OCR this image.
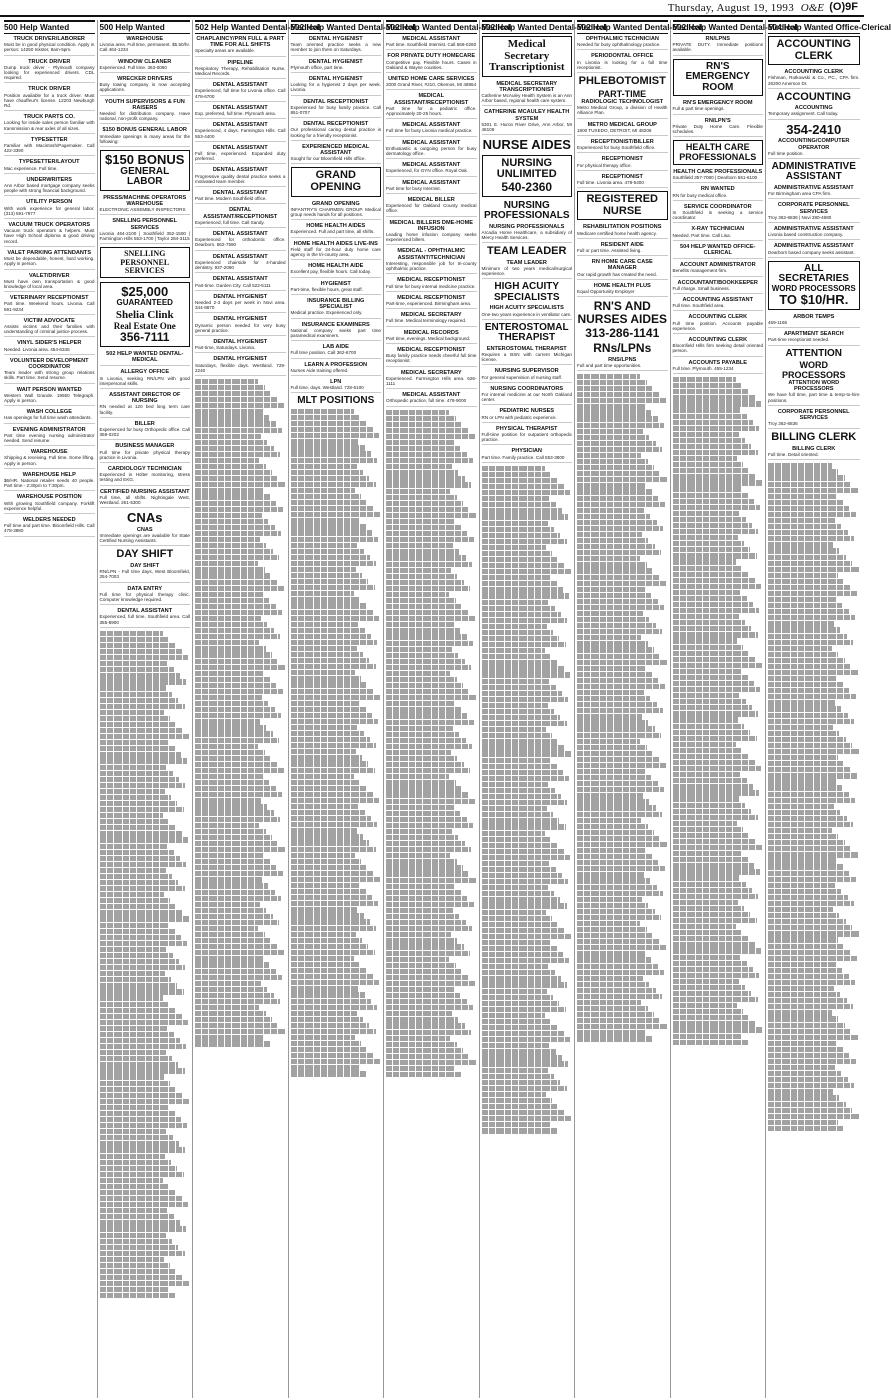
Thursday, August 19, 1993 O&E (O)9F
500 Help Wanted
TRUCK DRIVER/LABORER
Must be in good physical condition. Apply in person: 14250 Inkster, 8am-5pm.
TRUCK DRIVER
Dump truck driver - Plymouth company looking for experienced drivers. CDL required.
TRUCK DRIVER
Position available for a truck driver. Must have chauffeur's license. 12203 Newburgh Rd.
TRUCK PARTS CO.
Looking for inside sales person familiar with transmission & rear axles of all sizes.
TYPESETTER
Familiar with Macintosh/Pagemaker. Call 422-3390
TYPESETTER/LAYOUT
Mac experience. Full time.
UNDERWRITERS
Ann Arbor based mortgage company seeks people with strong financial background.
UTILITY PERSON
With work experience for general labor. (313) 591-7977
VACUUM TRUCK OPERATORS
Vacuum truck operators & helpers. Must have High School diploma & good driving record.
VALET PARKING ATTENDANTS
Must be dependable, honest, hard working. Apply in person.
VALET/DRIVER
Must have own transportation & good knowledge of local area.
VETERINARY RECEPTIONIST
Part time. Weekend hours. Livonia. Call 591-9234
VICTIM ADVOCATE
Assists victims and their families with understanding of criminal justice process.
VINYL SIDER'S HELPER
Needed. Livonia area. 454-6345
VOLUNTEER DEVELOPMENT COORDINATOR
Team leader with strong group relations skills. Part time. Send resume.
WAIT PERSON WANTED
Western Wall Grande. 19550 Telegraph. Apply in person.
WASH COLLEGE
Has openings for full time wash attendants.
EVENING ADMINISTRATOR
Part time evening nursing administrator needed. Send resume.
WAREHOUSE
Shipping & receiving. Full time. Some lifting. Apply in person.
WAREHOUSE HELP
$6/HR. National retailer needs 40 people. Part time - 2:30pm to 7:30pm.
WAREHOUSE POSITION
With growing Southfield company. Forklift experience helpful.
WELDERS NEEDED
Full time and part time. Bloomfield Hills. Call 478-3880
500 Help Wanted
WAREHOUSE
Livonia area. Full time, permanent. $5.50/hr. Call 464-1234
WINDOW CLEANER
Experienced. Full time. 363-0060
WRECKER DRIVERS
Busy towing company is now accepting applications.
YOUTH SUPERVISORS & FUN RAISERS
Needed for distribution company. Have national, non-profit company.
$150 BONUS GENERAL LABOR
Immediate openings in many areas for the following:
$150 BONUS
GENERAL LABOR
PRESS/MACHINE OPERATORS WAREHOUSE
ELECTRONIC ASSEMBLY INSPECTORS
SNELLING PERSONNEL SERVICES
Livonia 464-2100 | Southfield 352-1500 | Farmington Hills 553-1700 | Taylor 284-3115
SNELLING PERSONNEL SERVICES
$25,000
GUARANTEED
Shelia Clink
Real Estate One
356-7111
502 HELP WANTED DENTAL-MEDICAL
ALLERGY OFFICE
In Livonia, seeking RN/LPN with good interpersonal skills.
ASSISTANT DIRECTOR OF NURSING
RN needed at 120 bed long term care facility.
BILLER
Experienced for busy Orthopedic office. Call 358-0202
BUSINESS MANAGER
Full time for private physical therapy practice in Livonia.
CARDIOLOGY TECHNICIAN
Experienced in Holter monitoring, stress testing and EKG.
CERTIFIED NURSING ASSISTANT
Full time, all shifts. Nightingale West, Westland. 261-5300
CNAs
CNAS
Immediate openings are available for State Certified Nursing Assistants.
DAY SHIFT
DAY SHIFT
RN/LPN - Full time days, West Bloomfield, 254-7003
DATA ENTRY
Full time for physical therapy clinic. Computer knowledge required.
DENTAL ASSISTANT
Experienced, full time, Southfield area. Call 355-8900
502 Help Wanted Dental-Medical
CHAPLAINCY/PRN FULL & PART TIME FOR ALL SHIFTS
Specialty areas are available.
PIPELINE
Respiratory Therapy, Rehabilitation Nurse, Medical Records.
DENTAL ASSISTANT
Experienced, full time for Livonia office. Call 478-6700
DENTAL ASSISTANT
Exp. preferred, full time. Plymouth area.
DENTAL ASSISTANT
Experienced, 4 days. Farmington Hills. Call 553-4400
DENTAL ASSISTANT
Full time, experienced. Expanded duty preferred.
DENTAL ASSISTANT
Progressive quality dental practice seeks a motivated team member.
DENTAL ASSISTANT
Part time. Modern Southfield office.
DENTAL ASSISTANT/RECEPTIONIST
Experienced, full time. Call Sandy.
DENTAL ASSISTANT
Experienced for orthodontic office. Dearborn. 562-7590
DENTAL ASSISTANT
Experienced chairside for 4-handed dentistry. 937-2060
DENTAL ASSISTANT
Part-time. Garden City. Call 522-5111
DENTAL HYGIENIST
Needed 2-3 days per week in Novi area. 344-8870
DENTAL HYGIENIST
Dynamic person needed for very busy general practice.
DENTAL HYGIENIST
Part-time, Saturdays. Livonia.
DENTAL HYGIENIST
Saturdays, flexible days. Westland. 729-2240
502 Help Wanted Dental-Medical
DENTAL HYGIENIST
Team oriented practice seeks a new member to join them on Saturdays.
DENTAL HYGIENIST
Plymouth office, part time.
DENTAL HYGIENIST
Looking for a hygienist 2 days per week. Livonia.
DENTAL RECEPTIONIST
Experienced for busy family practice. Call 851-0707
DENTAL RECEPTIONIST
Our professional caring dental practice is looking for a friendly receptionist.
EXPERIENCED MEDICAL ASSISTANT
Sought for our Bloomfield Hills office.
GRAND OPENING
GRAND OPENING
INFANTRY'S CHAIRMEN GROUP. Medical group needs hands for all positions.
HOME HEALTH AIDES
Experienced. Full and part time, all shifts.
HOME HEALTH AIDES LIVE-INS
Field staff for 24-hour duty home care agency in the tri-county area.
HOME HEALTH AIDE
Excellent pay, flexible hours. Call today.
HYGIENIST
Part-time, flexible hours, great staff.
INSURANCE BILLING SPECIALIST
Medical practice. Experienced only.
INSURANCE EXAMINERS
National company seeks part time paramedical examiners.
LAB AIDE
Full time position. Call 362-6700
LEARN A PROFESSION
Nurses Aide training offered.
LPN
Full time, days. Westland. 728-6100
MLT POSITIONS
502 Help Wanted Dental-Medical
MEDICAL ASSISTANT
Part time. Southfield Internist. Call 569-0260
FOR PRIVATE DUTY HOMECARE
Competitive pay. Flexible hours. Cases in Oakland & Wayne counties.
UNITED HOME CARE SERVICES
2000 Grand River, #210, Okemos, MI 48864
MEDICAL ASSISTANT/RECEPTIONIST
Part time for a pediatric office. Approximately 20-25 hours.
MEDICAL ASSISTANT
Full time for busy Livonia medical practice.
MEDICAL ASSISTANT
Enthusiastic & outgoing person for busy dermatology office.
MEDICAL ASSISTANT
Experienced, for GYN office. Royal Oak.
MEDICAL ASSISTANT
Part time for busy Internist.
MEDICAL BILLER
Experienced for Oakland County medical office.
MEDICAL BILLERS DME-HOME INFUSION
Leading home infusion company seeks experienced billers.
MEDICAL - OPHTHALMIC ASSISTANT/TECHNICIAN
Interesting, responsible job for tri-county ophthalmic practice.
MEDICAL RECEPTIONIST
Full time for busy internal medicine practice.
MEDICAL RECEPTIONIST
Part-time, experienced. Birmingham area.
MEDICAL SECRETARY
Full time. Medical terminology required.
MEDICAL RECORDS
Part time, evenings. Medical background.
MEDICAL RECEPTIONIST
Busy family practice needs cheerful full time receptionist.
MEDICAL SECRETARY
Experienced. Farmington Hills area. 626-1111
MEDICAL ASSISTANT
Orthopedic practice, full time. 478-9000
502 Help Wanted Dental-Medical
Medical Secretary Transcriptionist
MEDICAL SECRETARY TRANSCRIPTIONIST
Catherine McAuley Health System is an Ann Arbor based, regional health care system.
CATHERINE MCAULEY HEALTH SYSTEM
5301 E. Huron River Drive, Ann Arbor, MI 48106
NURSE AIDES
NURSING UNLIMITED
540-2360
NURSING PROFESSIONALS
NURSING PROFESSIONALS
Arcadia Home Healthcare, a subsidiary of Mercy Health Services.
TEAM LEADER
TEAM LEADER
Minimum of two years medical/surgical experience.
HIGH ACUITY SPECIALISTS
HIGH ACUITY SPECIALISTS
One-two years experience in ventilator care.
ENTEROSTOMAL THERAPIST
ENTEROSTOMAL THERAPIST
Requires a BSN with current Michigan license.
NURSING SUPERVISOR
For general supervision of nursing staff.
NURSING COORDINATORS
For internal medicine at our North Oakland center.
PEDIATRIC NURSES
RN or LPN with pediatric experience.
PHYSICAL THERAPIST
Full-time position for outpatient orthopedic practice.
PHYSICIAN
Part time. Family practice. Call 553-3800
502 Help Wanted Dental-Medical
OPHTHALMIC TECHNICIAN
Needed for busy ophthalmology practice.
PERIODONTAL OFFICE
In Livonia is looking for a full time receptionist.
PHLEBOTOMIST
PART-TIME
RADIOLOGIC TECHNOLOGIST
Metro Medical Group, a division of Health Alliance Plan.
METRO MEDICAL GROUP
1800 TUXEDO, DETROIT, MI 48206
RECEPTIONIST/BILLER
Experienced for busy Southfield office.
RECEPTIONIST
For physical therapy office.
RECEPTIONIST
Full time. Livonia area. 478-5400
REGISTERED NURSE
REHABILITATION POSITIONS
Medicare certified home health agency.
RESIDENT AIDE
Full or part time. Assisted living.
RN HOME CARE CASE MANAGER
Our rapid growth has created the need.
HOME HEALTH PLUS
Equal Opportunity Employer
RN'S AND NURSES AIDES
313-286-1141
RNs/LPNs
RNS/LPNS
Full and part time opportunities.
502 Help Wanted Dental-Medical
RN/LPNS
PRIVATE DUTY. Immediate positions available.
RN'S EMERGENCY ROOM
RN'S EMERGENCY ROOM
Full & part time openings.
RN/LPN'S
Private Duty Home Care. Flexible schedules.
HEALTH CARE PROFESSIONALS
HEALTH CARE PROFESSIONALS
Southfield 357-7080 | Dearborn 561-6100
RN WANTED
RN for busy medical office.
SERVICE COORDINATOR
In Southfield is seeking a service coordinator.
X-RAY TECHNICIAN
Needed. Part time. Call Lisa.
504 HELP WANTED OFFICE-CLERICAL
ACCOUNT ADMINISTRATOR
Benefits management firm.
ACCOUNTANT/BOOKKEEPER
Full charge. Small business.
ACCOUNTING ASSISTANT
Full time. Southfield area.
ACCOUNTING CLERK
Full time position. Accounts payable experience.
ACCOUNTING CLERK
Bloomfield Hills firm seeking detail oriented person.
ACCOUNTS PAYABLE
Full time. Plymouth. 455-1234
504 Help Wanted Office-Clerical
ACCOUNTING CLERK
ACCOUNTING CLERK
Fishman, Rutkowski & Co., PC., CPA firm. 26200 Amerson Dr.
ACCOUNTING
ACCOUNTING
Temporary assignment. Call today.
354-2410
ACCOUNTING/COMPUTER OPERATOR
Full time position.
ADMINISTRATIVE ASSISTANT
ADMINISTRATIVE ASSISTANT
For Birmingham area CPA firm.
CORPORATE PERSONNEL SERVICES
Troy 362-6836 | Novi 380-4680
ADMINISTRATIVE ASSISTANT
Livonia based construction company.
ADMINISTRATIVE ASSISTANT
Dearborn based company seeks assistant.
ALL SECRETARIES
WORD PROCESSORS
TO $10/HR.
ARBOR TEMPS
459-1166
APARTMENT SEARCH
Part-time receptionist needed.
ATTENTION
WORD PROCESSORS
ATTENTION WORD PROCESSORS
We have full time, part time & temp-to-hire positions.
CORPORATE PERSONNEL SERVICES
Troy 362-6836
BILLING CLERK
BILLING CLERK
Full time. Detail oriented.
